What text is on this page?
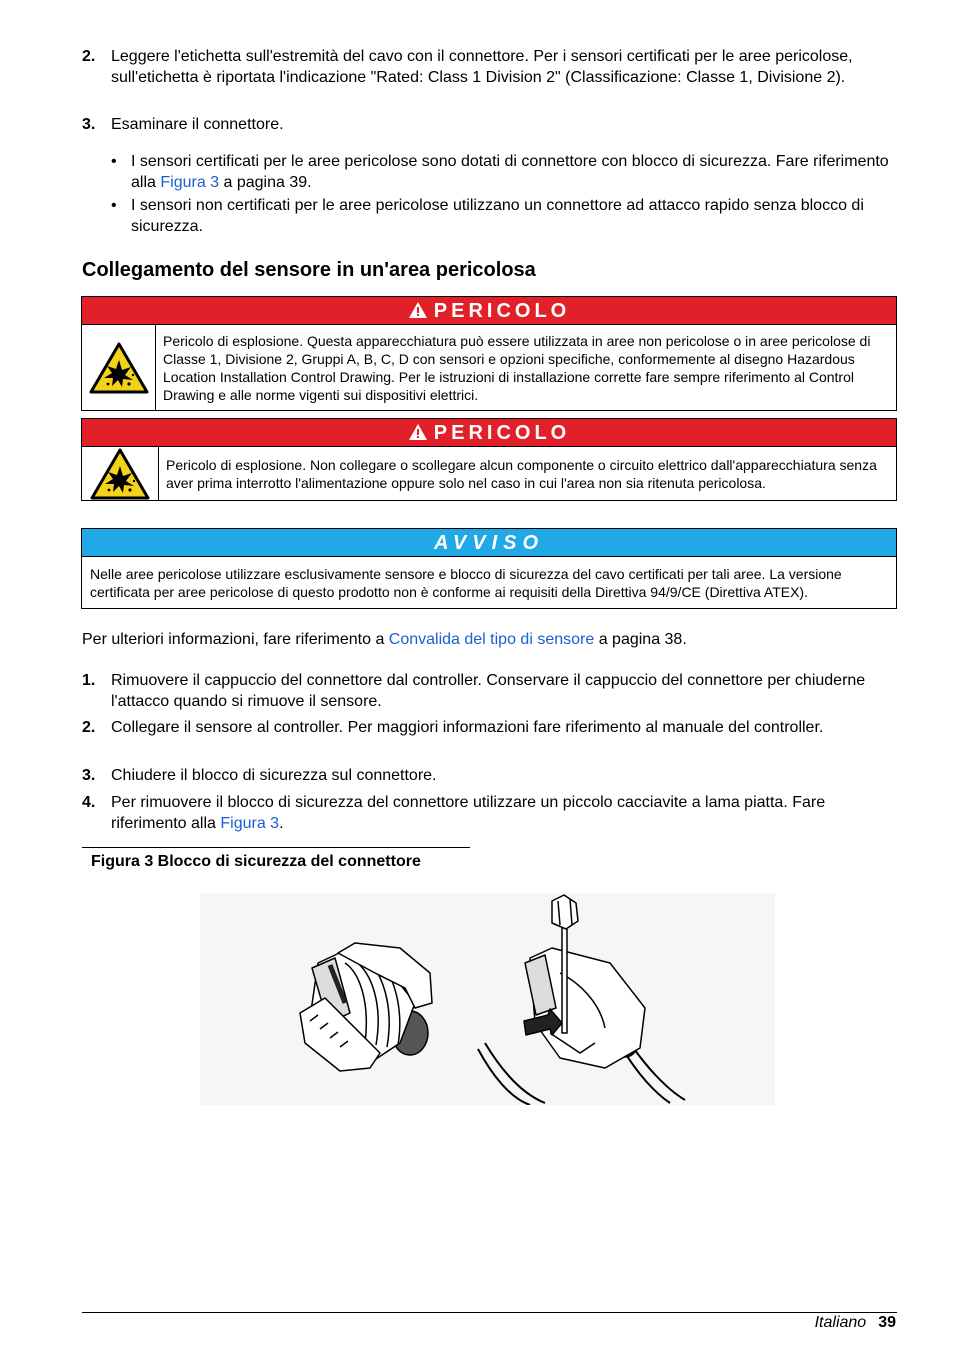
2. Leggere l'etichetta sull'estremità del cavo con il connettore. Per i sensori certificati per le aree pericolose, sull'etichetta è riportata l'indicazione "Rated: Class 1 Division 2" (Classificazione: Classe 1, Divisione 2).
3. Esaminare il connettore.
• I sensori certificati per le aree pericolose sono dotati di connettore con blocco di sicurezza. Fare riferimento alla Figura 3 a pagina 39.
• I sensori non certificati per le aree pericolose utilizzano un connettore ad attacco rapido senza blocco di sicurezza.
Collegamento del sensore in un'area pericolosa
PERICOLO
Pericolo di esplosione. Questa apparecchiatura può essere utilizzata in aree non pericolose o in aree pericolose di Classe 1, Divisione 2, Gruppi A, B, C, D con sensori e opzioni specifiche, conformemente al disegno Hazardous Location Installation Control Drawing. Per le istruzioni di installazione corrette fare sempre riferimento al Control Drawing e alle norme vigenti sui dispositivi elettrici.
PERICOLO
Pericolo di esplosione. Non collegare o scollegare alcun componente o circuito elettrico dall'apparecchiatura senza aver prima interrotto l'alimentazione oppure solo nel caso in cui l'area non sia ritenuta pericolosa.
AVVISO
Nelle aree pericolose utilizzare esclusivamente sensore e blocco di sicurezza del cavo certificati per tali aree. La versione certificata per aree pericolose di questo prodotto non è conforme ai requisiti della Direttiva 94/9/CE (Direttiva ATEX).
Per ulteriori informazioni, fare riferimento a Convalida del tipo di sensore a pagina 38.
1. Rimuovere il cappuccio del connettore dal controller. Conservare il cappuccio del connettore per chiuderne l'attacco quando si rimuove il sensore.
2. Collegare il sensore al controller. Per maggiori informazioni fare riferimento al manuale del controller.
3. Chiudere il blocco di sicurezza sul connettore.
4. Per rimuovere il blocco di sicurezza del connettore utilizzare un piccolo cacciavite a lama piatta. Fare riferimento alla Figura 3.
Figura 3 Blocco di sicurezza del connettore
Italiano 39
